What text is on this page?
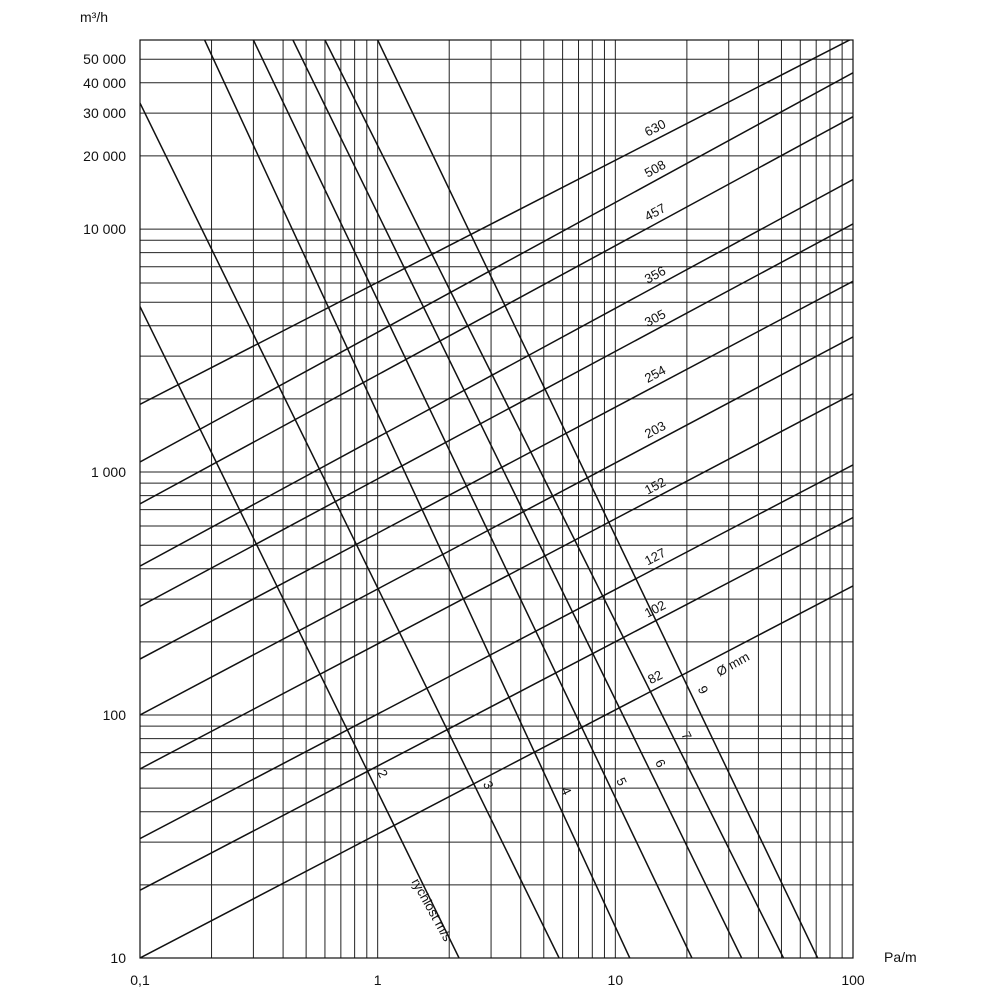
0,1	1	10	100
10
100
1 000
10 000
20 000
30 000
40 000
50 000
m³/h
Pa/m
630
508
457
356
305
254
203
152
127
102
82
2
3	4
5
6
7
9
Ø mm
rychlost m/s
